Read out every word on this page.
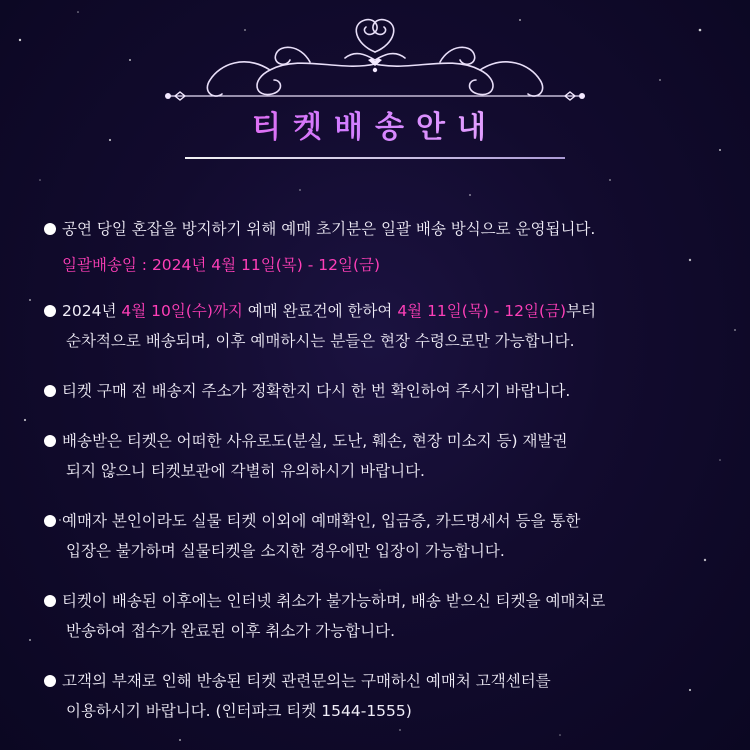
티켓배송안내
공연 당일 혼잡을 방지하기 위해 예매 초기분은 일괄 배송 방식으로 운영됩니다.
일괄배송일 : 2024년 4월 11일(목) - 12일(금)
2024년 4월 10일(수)까지 예매 완료건에 한하여 4월 11일(목) - 12일(금)부터
순차적으로 배송되며, 이후 예매하시는 분들은 현장 수령으로만 가능합니다.
티켓 구매 전 배송지 주소가 정확한지 다시 한 번 확인하여 주시기 바랍니다.
배송받은 티켓은 어떠한 사유로도(분실, 도난, 훼손, 현장 미소지 등) 재발권
되지 않으니 티켓보관에 각별히 유의하시기 바랍니다.
예매자 본인이라도 실물 티켓 이외에 예매확인, 입금증, 카드명세서 등을 통한
입장은 불가하며 실물티켓을 소지한 경우에만 입장이 가능합니다.
티켓이 배송된 이후에는 인터넷 취소가 불가능하며, 배송 받으신 티켓을 예매처로
반송하여 접수가 완료된 이후 취소가 가능합니다.
고객의 부재로 인해 반송된 티켓 관련문의는 구매하신 예매처 고객센터를
이용하시기 바랍니다. (인터파크 티켓 1544-1555)
